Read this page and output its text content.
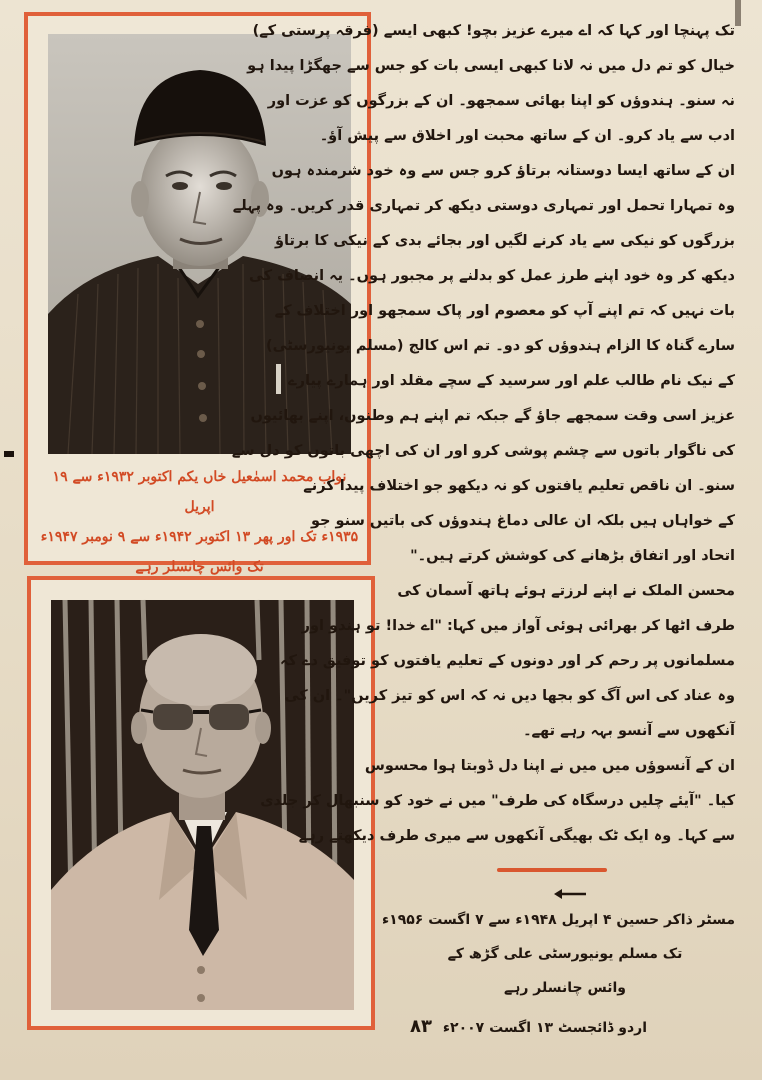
نواب محمد اسمٰعیل خاں یکم اکتوبر ۱۹۳۲ء سے ۱۹ اپریل
۱۹۳۵ء تک اور پھر ۱۳ اکتوبر ۱۹۴۲ء سے ۹ نومبر ۱۹۴۷ء
تک وائس چانسلر رہے
تک پہنچا اور کہا کہ اے میرے عزیز بچو! کبھی ایسے (فرقہ پرستی کے)
خیال کو تم دل میں نہ لانا کبھی ایسی بات کو جس سے جھگڑا پیدا ہو
نہ سنو۔ ہندوؤں کو اپنا بھائی سمجھو۔ ان کے بزرگوں کو عزت اور
ادب سے یاد کرو۔ ان کے ساتھ محبت اور اخلاق سے پیش آؤ۔
ان کے ساتھ ایسا دوستانہ برتاؤ کرو جس سے وہ خود شرمندہ ہوں
وہ تمہارا تحمل اور تمہاری دوستی دیکھ کر تمہاری قدر کریں۔ وہ پہلے
بزرگوں کو نیکی سے یاد کرنے لگیں اور بجائے بدی کے نیکی کا برتاؤ
دیکھ کر وہ خود اپنے طرز عمل کو بدلنے پر مجبور ہوں۔ یہ انصاف کی
بات نہیں کہ تم اپنے آپ کو معصوم اور پاک سمجھو اور اختلاف کے
سارے گناہ کا الزام ہندوؤں کو دو۔ تم اس کالج (مسلم یونیورسٹی)
کے نیک نام طالب علم اور سرسید کے سچے مقلد اور ہمارے پیارے
عزیز اسی وقت سمجھے جاؤ گے جبکہ تم اپنے ہم وطنوں، اپنے بھائیوں
کی ناگوار باتوں سے چشم پوشی کرو اور ان کی اچھی باتوں کو دل سے
سنو۔ ان ناقص تعلیم یافتوں کو نہ دیکھو جو اختلاف پیدا کرنے
کے خواہاں ہیں بلکہ ان عالی دماغ ہندوؤں کی باتیں سنو جو
اتحاد اور اتفاق بڑھانے کی کوشش کرتے ہیں۔"
محسن الملک نے اپنے لرزتے ہوئے ہاتھ آسمان کی
طرف اٹھا کر بھرائی ہوئی آواز میں کہا: "اے خدا! تو ہندو اور
مسلمانوں پر رحم کر اور دونوں کے تعلیم یافتوں کو توفیق دے کہ
وہ عناد کی اس آگ کو بجھا دیں نہ کہ اس کو تیز کریں"۔ ان کی
آنکھوں سے آنسو بہہ رہے تھے۔
ان کے آنسوؤں میں میں نے اپنا دل ڈوبتا ہوا محسوس
کیا۔ "آیئے چلیں درسگاہ کی طرف" میں نے خود کو سنبھال کر جلدی
سے کہا۔ وہ ایک ٹک بھیگی آنکھوں سے میری طرف دیکھتے رہے
مسٹر ذاکر حسین ۴ اپریل ۱۹۴۸ء سے ۷ اگست ۱۹۵۶ء
تک مسلم یونیورسٹی علی گڑھ کے
وائس چانسلر رہے
اردو ڈائجسٹ ۱۳ اگست ۲۰۰۷ء ۸۳
